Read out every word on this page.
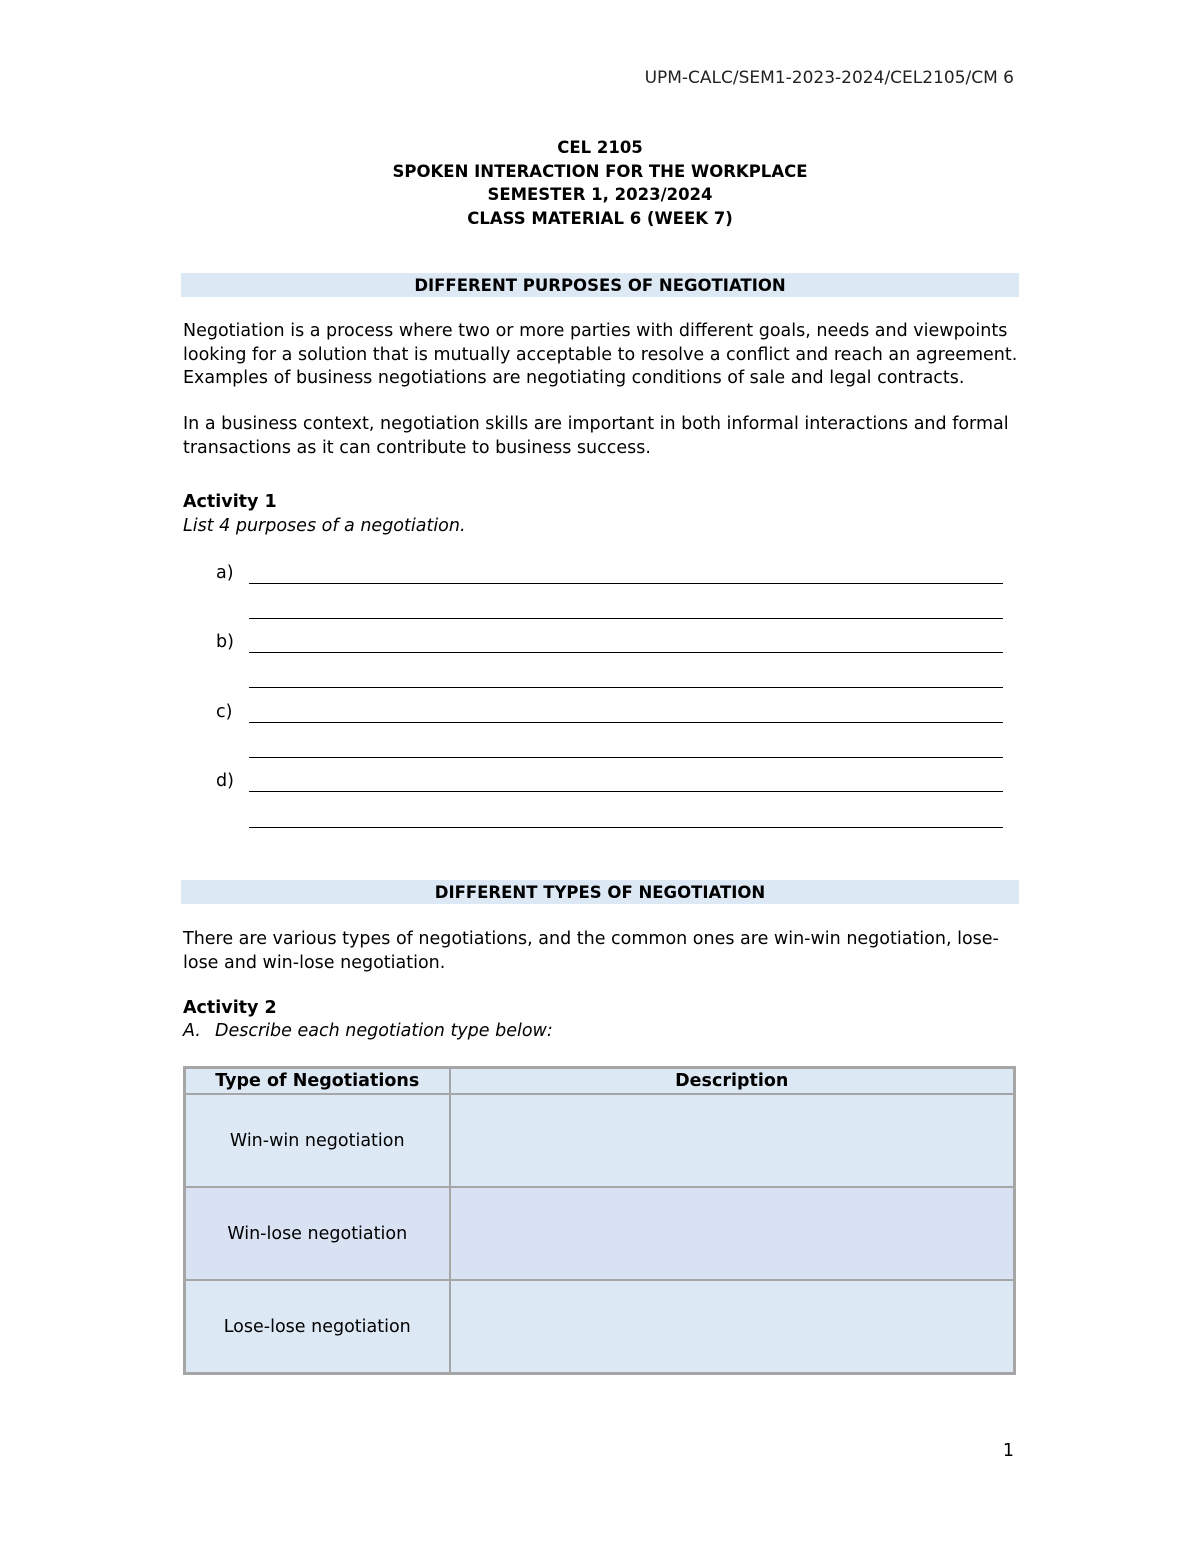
UPM-CALC/SEM1-2023-2024/CEL2105/CM 6
CEL 2105
SPOKEN INTERACTION FOR THE WORKPLACE
SEMESTER 1, 2023/2024
CLASS MATERIAL 6 (WEEK 7)
DIFFERENT PURPOSES OF NEGOTIATION
Negotiation is a process where two or more parties with different goals, needs and viewpoints looking for a solution that is mutually acceptable to resolve a conflict and reach an agreement. Examples of business negotiations are negotiating conditions of sale and legal contracts.
In a business context, negotiation skills are important in both informal interactions and formal transactions as it can contribute to business success.
Activity 1
List 4 purposes of a negotiation.
a)
b)
c)
d)
DIFFERENT TYPES OF NEGOTIATION
There are various types of negotiations, and the common ones are win-win negotiation, lose-lose and win-lose negotiation.
Activity 2
A. Describe each negotiation type below:
Type of Negotiations	Description
Win-win negotiation	
Win-lose negotiation	
Lose-lose negotiation	
1
